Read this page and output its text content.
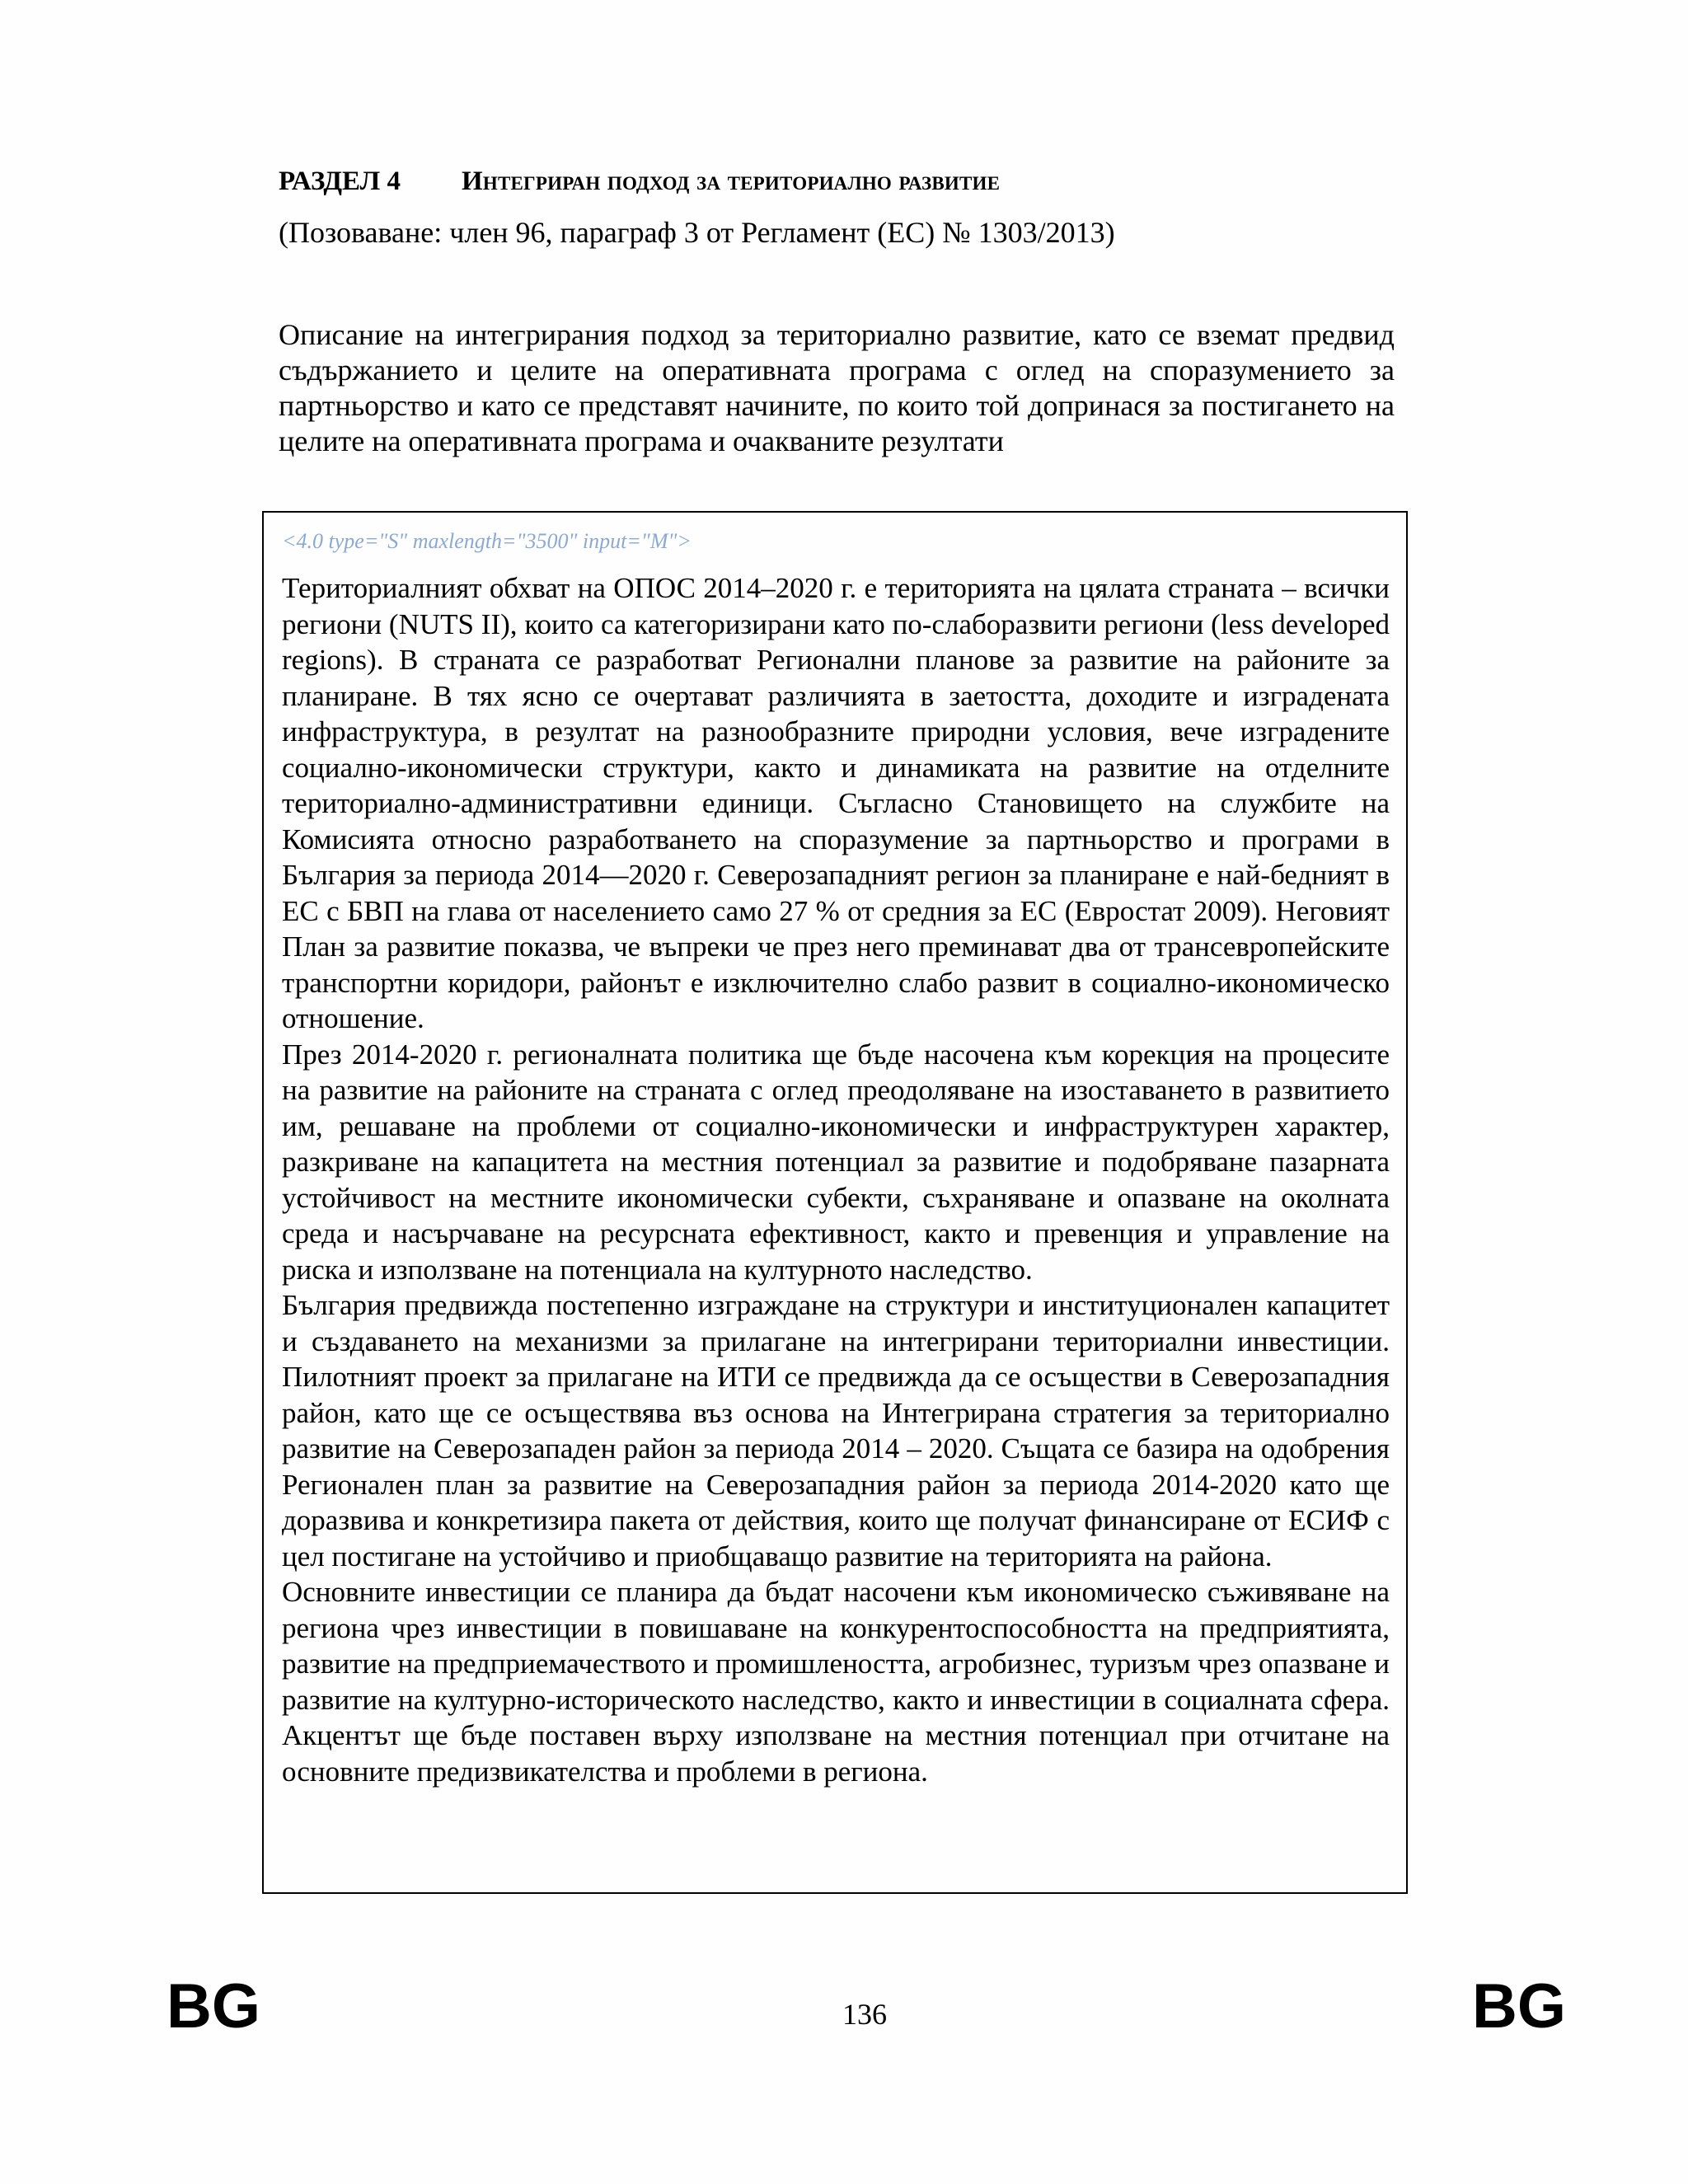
РАЗДЕЛ 4 Интегриран подход за териториално развитие
(Позоваване: член 96, параграф 3 от Регламент (ЕС) № 1303/2013)
Описание на интегрирания подход за териториално развитие, като се вземат предвид съдържанието и целите на оперативната програма с оглед на споразумението за партньорство и като се представят начините, по които той допринася за постигането на целите на оперативната програма и очакваните резултати
<4.0 type="S" maxlength="3500" input="M">

Териториалният обхват на ОПОС 2014–2020 г. е територията на цялата страната – всички региони (NUTS II), които са категоризирани като по-слаборазвити региони (less developed regions). В страната се разработват Регионални планове за развитие на районите за планиране. В тях ясно се очертават различията в заетостта, доходите и изградената инфраструктура, в резултат на разнообразните природни условия, вече изградените социално-икономически структури, както и динамиката на развитие на отделните териториално-административни единици. Съгласно Становището на службите на Комисията относно разработването на споразумение за партньорство и програми в България за периода 2014—2020 г. Северозападният регион за планиране е най-бедният в ЕС с БВП на глава от населението само 27 % от средния за ЕС (Евростат 2009). Неговият План за развитие показва, че въпреки че през него преминават два от трансевропейските транспортни коридори, районът е изключително слабо развит в социално-икономическо отношение.

През 2014-2020 г. регионалната политика ще бъде насочена към корекция на процесите на развитие на районите на страната с оглед преодоляване на изоставането в развитието им, решаване на проблеми от социално-икономически и инфраструктурен характер, разкриване на капацитета на местния потенциал за развитие и подобряване пазарната устойчивост на местните икономически субекти, съхраняване и опазване на околната среда и насърчаване на ресурсната ефективност, както и превенция и управление на риска и използване на потенциала на културното наследство.

България предвижда постепенно изграждане на структури и институционален капацитет и създаването на механизми за прилагане на интегрирани териториални инвестиции. Пилотният проект за прилагане на ИТИ се предвижда да се осъществи в Северозападния район, като ще се осъществява въз основа на Интегрирана стратегия за териториално развитие на Северозападен район за периода 2014 – 2020. Същата се базира на одобрения Регионален план за развитие на Северозападния район за периода 2014-2020 като ще доразвива и конкретизира пакета от действия, които ще получат финансиране от ЕСИФ с цел постигане на устойчиво и приобщаващо развитие на територията на района.

Основните инвестиции се планира да бъдат насочени към икономическо съживяване на региона чрез инвестиции в повишаване на конкурентоспособността на предприятията, развитие на предприемачеството и промишлеността, агробизнес, туризъм чрез опазване и развитие на културно-историческото наследство, както и инвестиции в социалната сфера. Акцентът ще бъде поставен върху използване на местния потенциал при отчитане на основните предизвикателства и проблеми в региона.

BG	136	BG
